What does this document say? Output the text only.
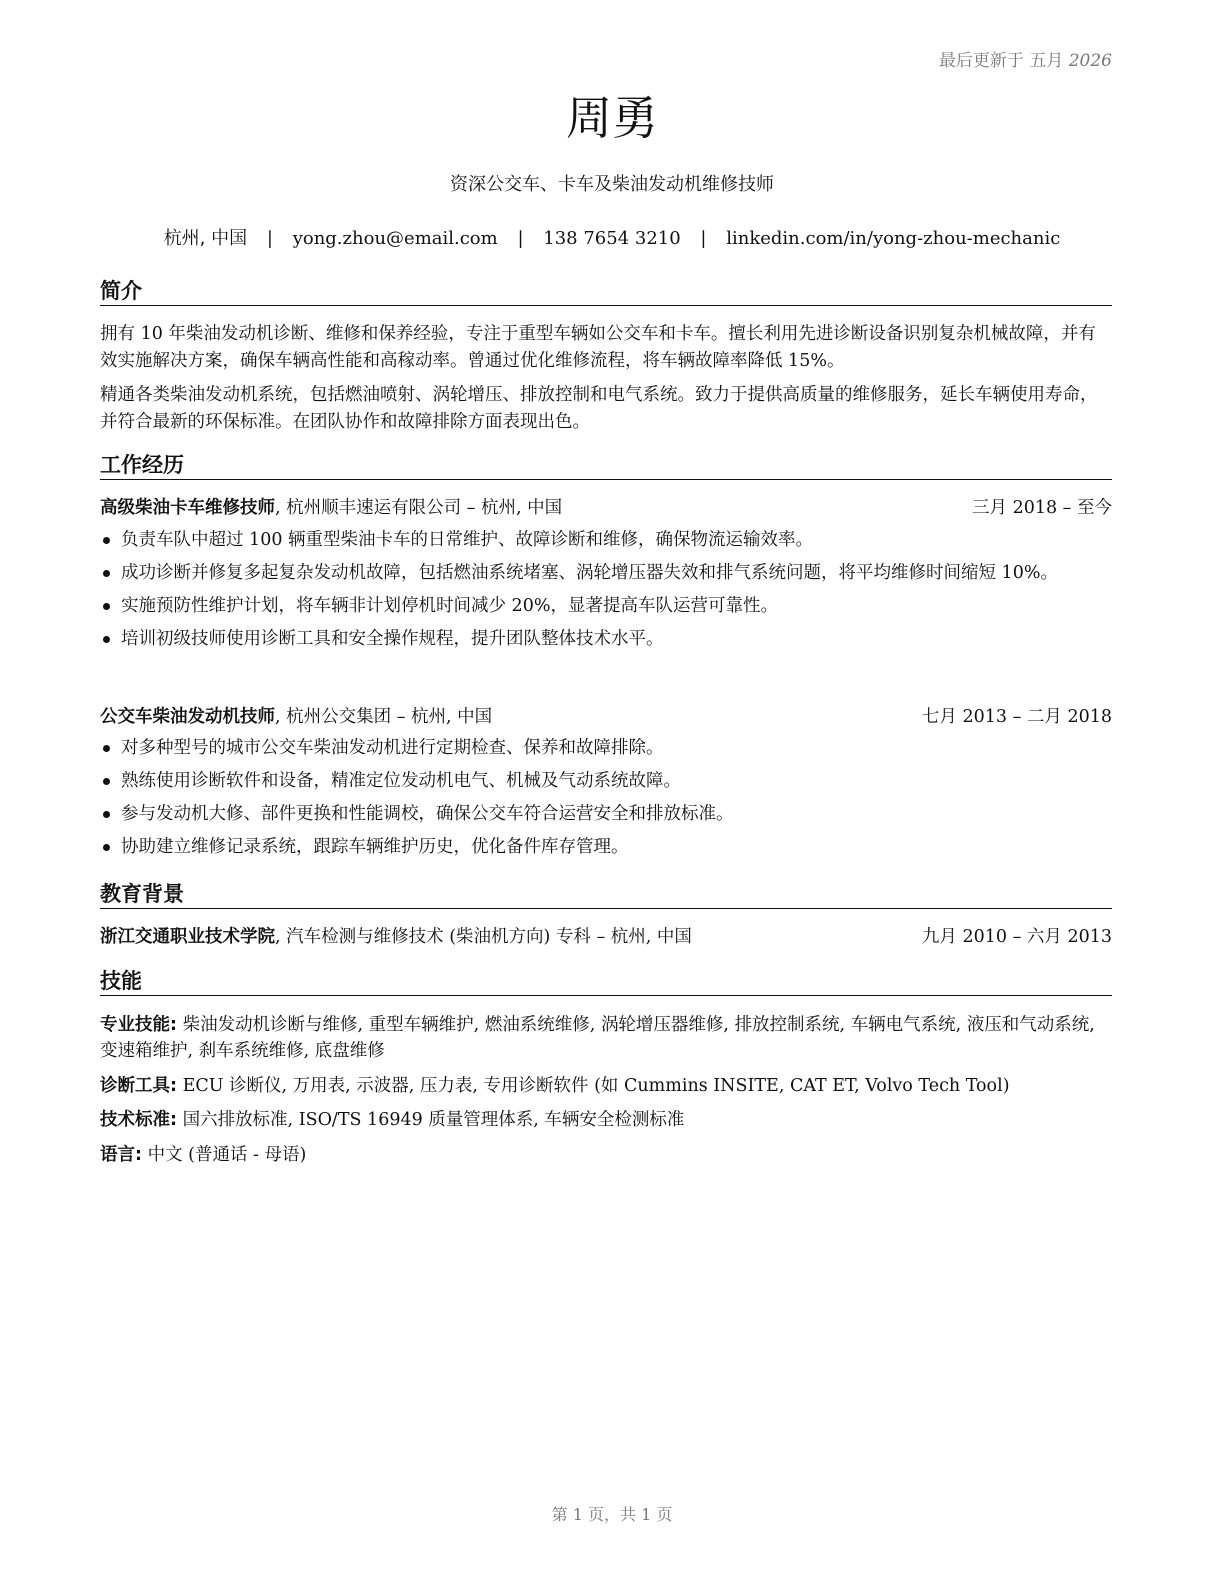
最后更新于 五月 2026
周勇
资深公交车、卡车及柴油发动机维修技师
杭州, 中国 | yong.zhou@email.com | 138 7654 3210 | linkedin.com/in/yong-zhou-mechanic
简介
拥有 10 年柴油发动机诊断、维修和保养经验，专注于重型车辆如公交车和卡车。擅长利用先进诊断设备识别复杂机械故障，并有效实施解决方案，确保车辆高性能和高稼动率。曾通过优化维修流程，将车辆故障率降低 15%。
精通各类柴油发动机系统，包括燃油喷射、涡轮增压、排放控制和电气系统。致力于提供高质量的维修服务，延长车辆使用寿命，并符合最新的环保标准。在团队协作和故障排除方面表现出色。
工作经历
高级柴油卡车维修技师, 杭州顺丰速运有限公司 – 杭州, 中国	三月 2018 – 至今
负责车队中超过 100 辆重型柴油卡车的日常维护、故障诊断和维修，确保物流运输效率。
成功诊断并修复多起复杂发动机故障，包括燃油系统堵塞、涡轮增压器失效和排气系统问题，将平均维修时间缩短 10%。
实施预防性维护计划，将车辆非计划停机时间减少 20%，显著提高车队运营可靠性。
培训初级技师使用诊断工具和安全操作规程，提升团队整体技术水平。
公交车柴油发动机技师, 杭州公交集团 – 杭州, 中国	七月 2013 – 二月 2018
对多种型号的城市公交车柴油发动机进行定期检查、保养和故障排除。
熟练使用诊断软件和设备，精准定位发动机电气、机械及气动系统故障。
参与发动机大修、部件更换和性能调校，确保公交车符合运营安全和排放标准。
协助建立维修记录系统，跟踪车辆维护历史，优化备件库存管理。
教育背景
浙江交通职业技术学院, 汽车检测与维修技术 (柴油机方向) 专科 – 杭州, 中国	九月 2010 – 六月 2013
技能
专业技能: 柴油发动机诊断与维修, 重型车辆维护, 燃油系统维修, 涡轮增压器维修, 排放控制系统, 车辆电气系统, 液压和气动系统, 变速箱维护, 刹车系统维修, 底盘维修
诊断工具: ECU 诊断仪, 万用表, 示波器, 压力表, 专用诊断软件 (如 Cummins INSITE, CAT ET, Volvo Tech Tool)
技术标准: 国六排放标准, ISO/TS 16949 质量管理体系, 车辆安全检测标准
语言: 中文 (普通话 - 母语)
第 1 页，共 1 页
